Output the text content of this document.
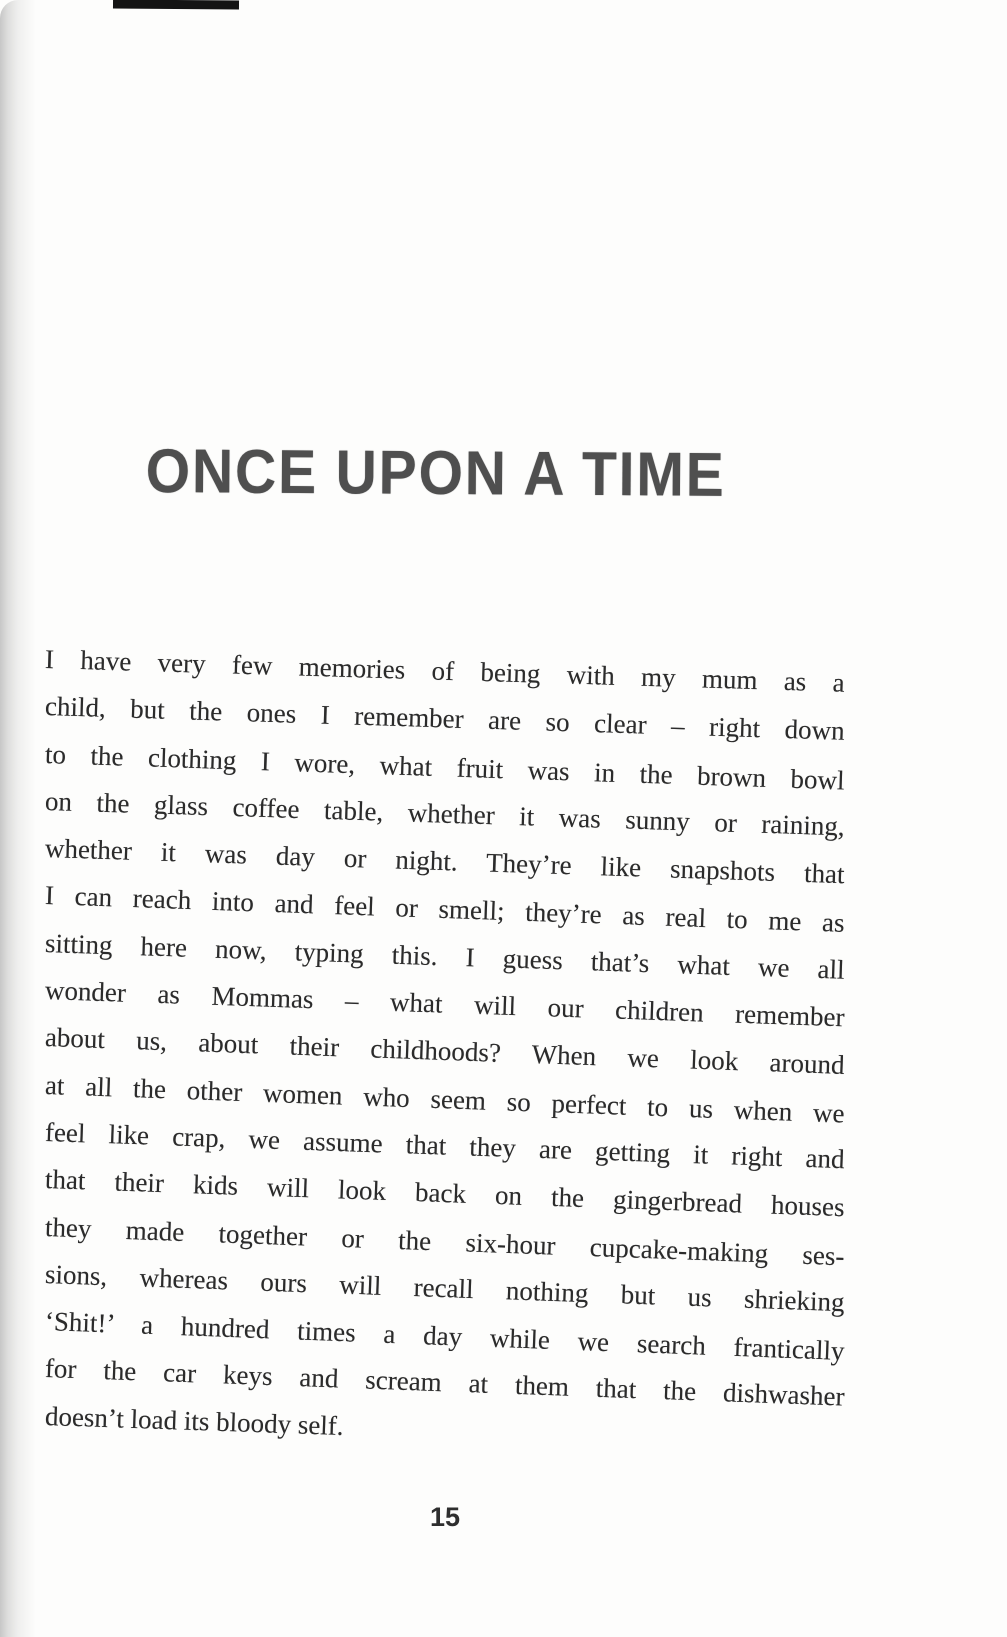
ONCE UPON A TIME
I have very few memories of being with my mum as a
child, but the ones I remember are so clear – right down
to the clothing I wore, what fruit was in the brown bowl
on the glass coffee table, whether it was sunny or raining,
whether it was day or night. They’re like snapshots that
I can reach into and feel or smell; they’re as real to me as
sitting here now, typing this. I guess that’s what we all
wonder as Mommas – what will our children remember
about us, about their childhoods? When we look around
at all the other women who seem so perfect to us when we
feel like crap, we assume that they are getting it right and
that their kids will look back on the gingerbread houses
they made together or the six-hour cupcake-making ses-
sions, whereas ours will recall nothing but us shrieking
‘Shit!’ a hundred times a day while we search frantically
for the car keys and scream at them that the dishwasher
doesn’t load its bloody self.
15
